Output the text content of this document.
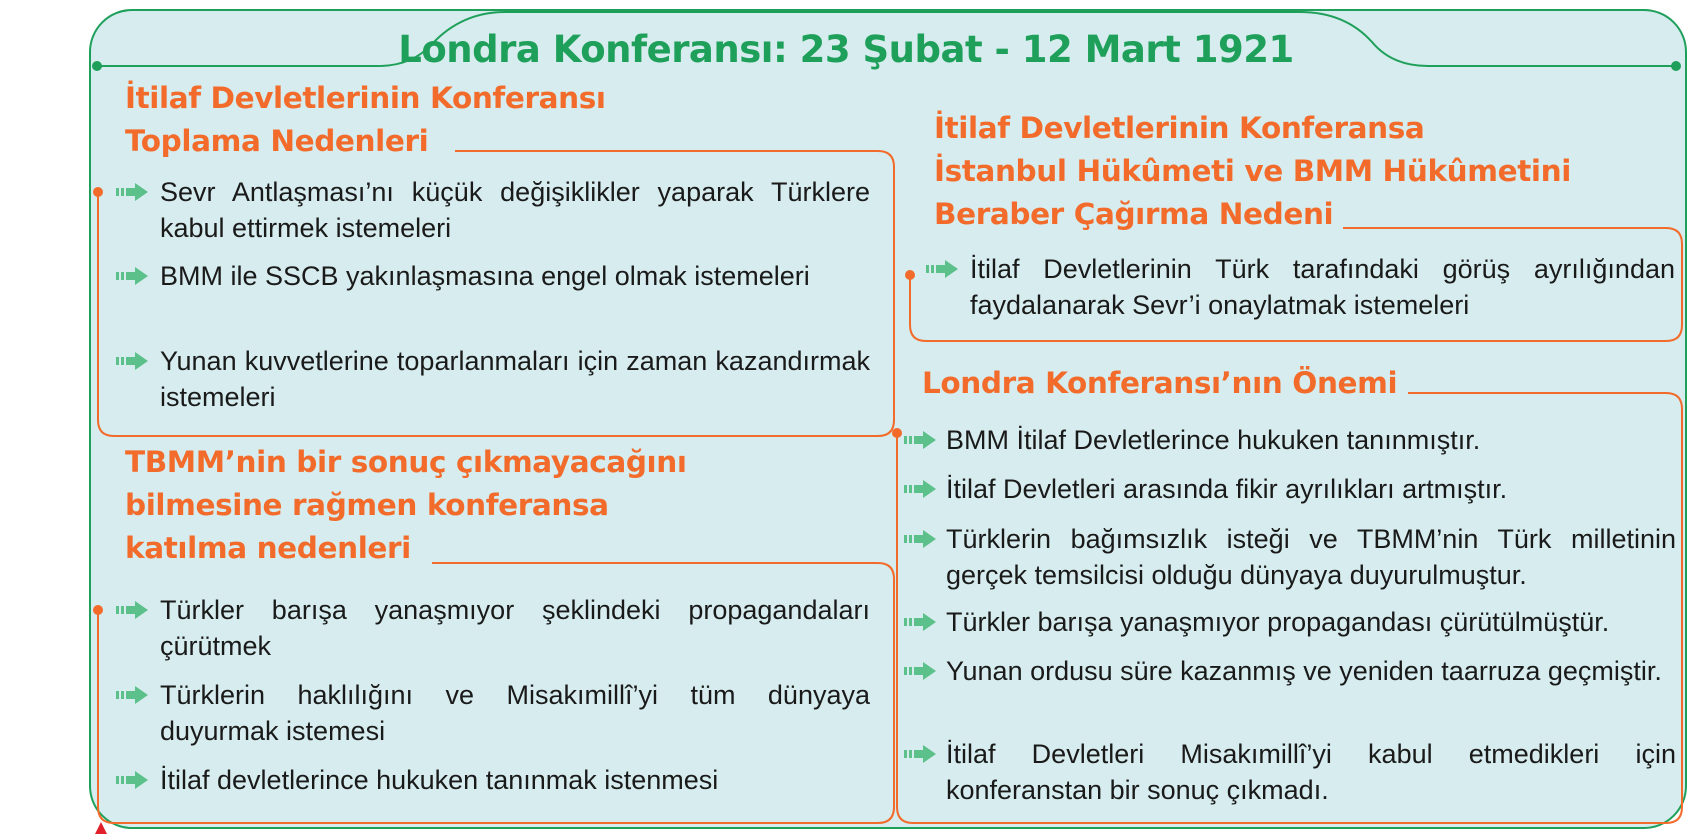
Londra Konferansı: 23 Şubat - 12 Mart 1921
İtilaf Devletlerinin Konferansı
Toplama Nedenleri
TBMM’nin bir sonuç çıkmayacağını
bilmesine rağmen konferansa
katılma nedenleri
İtilaf Devletlerinin Konferansa
İstanbul Hükûmeti ve BMM Hükûmetini
Beraber Çağırma Nedeni
Londra Konferansı’nın Önemi
Sevr Antlaşması’nı küçük değişiklikler yaparak Türklere kabul ettirmek istemeleri
BMM ile SSCB yakınlaşmasına engel olmak istemeleri
Yunan kuvvetlerine toparlanmaları için zaman kazandırmak istemeleri
Türkler barışa yanaşmıyor şeklindeki propagandaları çürütmek
Türklerin haklılığını ve Misakımillî’yi tüm dünyaya duyurmak istemesi
İtilaf devletlerince hukuken tanınmak istenmesi
İtilaf Devletlerinin Türk tarafındaki görüş ayrılığından faydalanarak Sevr’i onaylatmak istemeleri
BMM İtilaf Devletlerince hukuken tanınmıştır.
İtilaf Devletleri arasında fikir ayrılıkları artmıştır.
Türklerin bağımsızlık isteği ve TBMM’nin Türk milletinin gerçek temsilcisi olduğu dünyaya duyurulmuştur.
Türkler barışa yanaşmıyor propagandası çürütülmüştür.
Yunan ordusu süre kazanmış ve yeniden taarruza geçmiştir.
İtilaf Devletleri Misakımillî’yi kabul etmedikleri için konferanstan bir sonuç çıkmadı.
